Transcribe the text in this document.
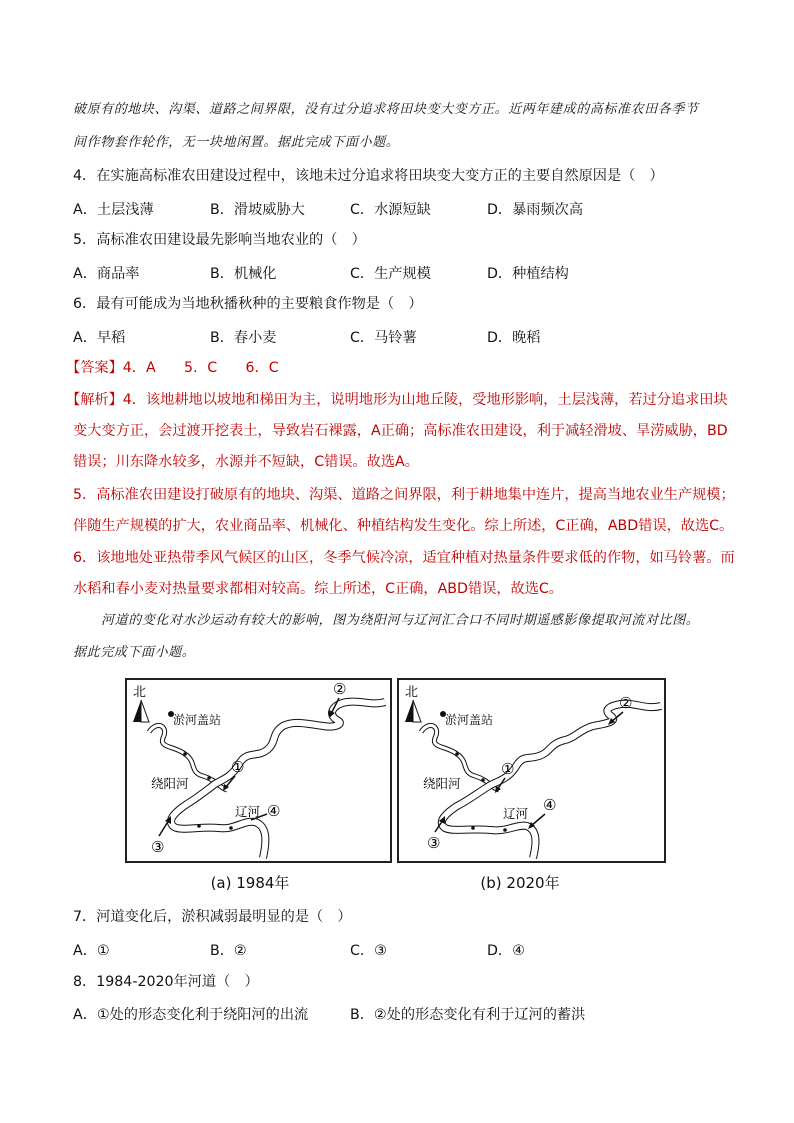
破原有的地块、沟渠、道路之间界限，没有过分追求将田块变大变方正。近两年建成的高标准农田各季节
间作物套作轮作，无一块地闲置。据此完成下面小题。
4．在实施高标准农田建设过程中，该地未过分追求将田块变大变方正的主要自然原因是（　）
A．土层浅薄	B．滑坡威胁大	C．水源短缺	D．暴雨频次高
5．高标准农田建设最先影响当地农业的（　）
A．商品率	B．机械化	C．生产规模	D．种植结构
6．最有可能成为当地秋播秋种的主要粮食作物是（　）
A．早稻	B．春小麦	C．马铃薯	D．晚稻
【答案】4．A　　5．C　　6．C
【解析】4．该地耕地以坡地和梯田为主，说明地形为山地丘陵，受地形影响，土层浅薄，若过分追求田块
变大变方正，会过渡开挖表土，导致岩石裸露，A正确；高标准农田建设，利于减轻滑坡、旱涝威胁，BD
错误；川东降水较多，水源并不短缺，C错误。故选A。
5．高标准农田建设打破原有的地块、沟渠、道路之间界限，利于耕地集中连片，提高当地农业生产规模；
伴随生产规模的扩大，农业商品率、机械化、种植结构发生变化。综上所述，C正确，ABD错误，故选C。
6．该地地处亚热带季风气候区的山区，冬季气候冷凉，适宜种植对热量条件要求低的作物，如马铃薯。而
水稻和春小麦对热量要求都相对较高。综上所述，C正确，ABD错误，故选C。
河道的变化对水沙运动有较大的影响，图为绕阳河与辽河汇合口不同时期遥感影像提取河流对比图。
据此完成下面小题。
北
淤河盖站
①
②
③
④
绕阳河
辽河
北
淤河盖站
①
②
③
④
绕阳河
辽河
(a) 1984年	(b) 2020年
7．河道变化后，淤积减弱最明显的是（　）
A．①	B．②	C．③	D．④
8．1984-2020年河道（　）
A．①处的形态变化利于绕阳河的出流	B．②处的形态变化有利于辽河的蓄洪
